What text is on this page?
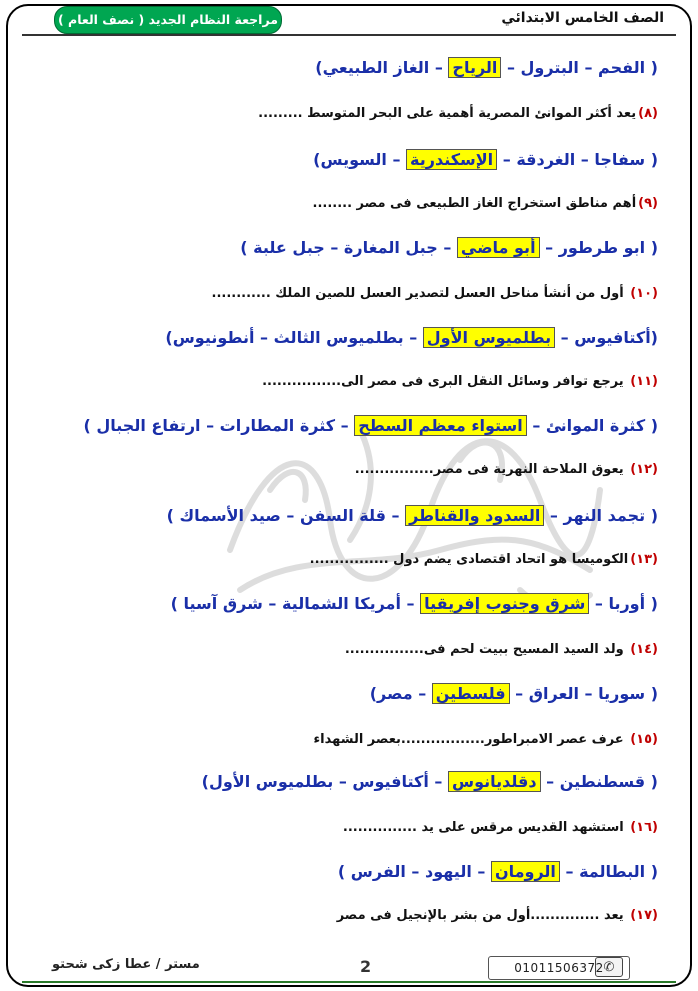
الصف الخامس الابتدائي
مراجعة النظام الجديد ( نصف العام )
( الفحم – البترول – الرياح – الغاز الطبيعي)
(٨)يعد أكثر الموانئ المصرية أهمية على البحر المتوسط .........
( سفاجا – الغردقة – الإسكندرية – السويس)
(٩)أهم مناطق استخراج الغاز الطبيعى فى مصر ........
( ابو طرطور – أبو ماضي – جبل المغارة – جبل علبة )
(١٠) أول من أنشأ مناحل العسل لتصدير العسل للصين الملك ............
(أكتافيوس – بطلميوس الأول – بطلميوس الثالث – أنطونيوس)
(١١) يرجع توافر وسائل النقل البرى فى مصر الى................
( كثرة الموانئ – استواء معظم السطح – كثرة المطارات – ارتفاع الجبال )
(١٢) يعوق الملاحة النهرية فى مصر................
( تجمد النهر – السدود والقناطر – قلة السفن – صيد الأسماك )
(١٣)الكوميسا هو اتحاد اقتصادى يضم دول ................
( أوربا – شرق وجنوب إفريقيا – أمريكا الشمالية – شرق آسيا )
(١٤) ولد السيد المسيح ببيت لحم فى................
( سوريا – العراق – فلسطين – مصر)
(١٥) عرف عصر الامبراطور.................بعصر الشهداء
( قسطنطين – دقلديانوس – أكتافيوس – بطلميوس الأول)
(١٦) استشهد القديس مرقس على يد ...............
( البطالمة – الرومان – اليهود – الفرس )
(١٧) يعد ..............أول من بشر بالإنجيل فى مصر
✆
01011506372
2
مستر / عطا زكى شحتو
